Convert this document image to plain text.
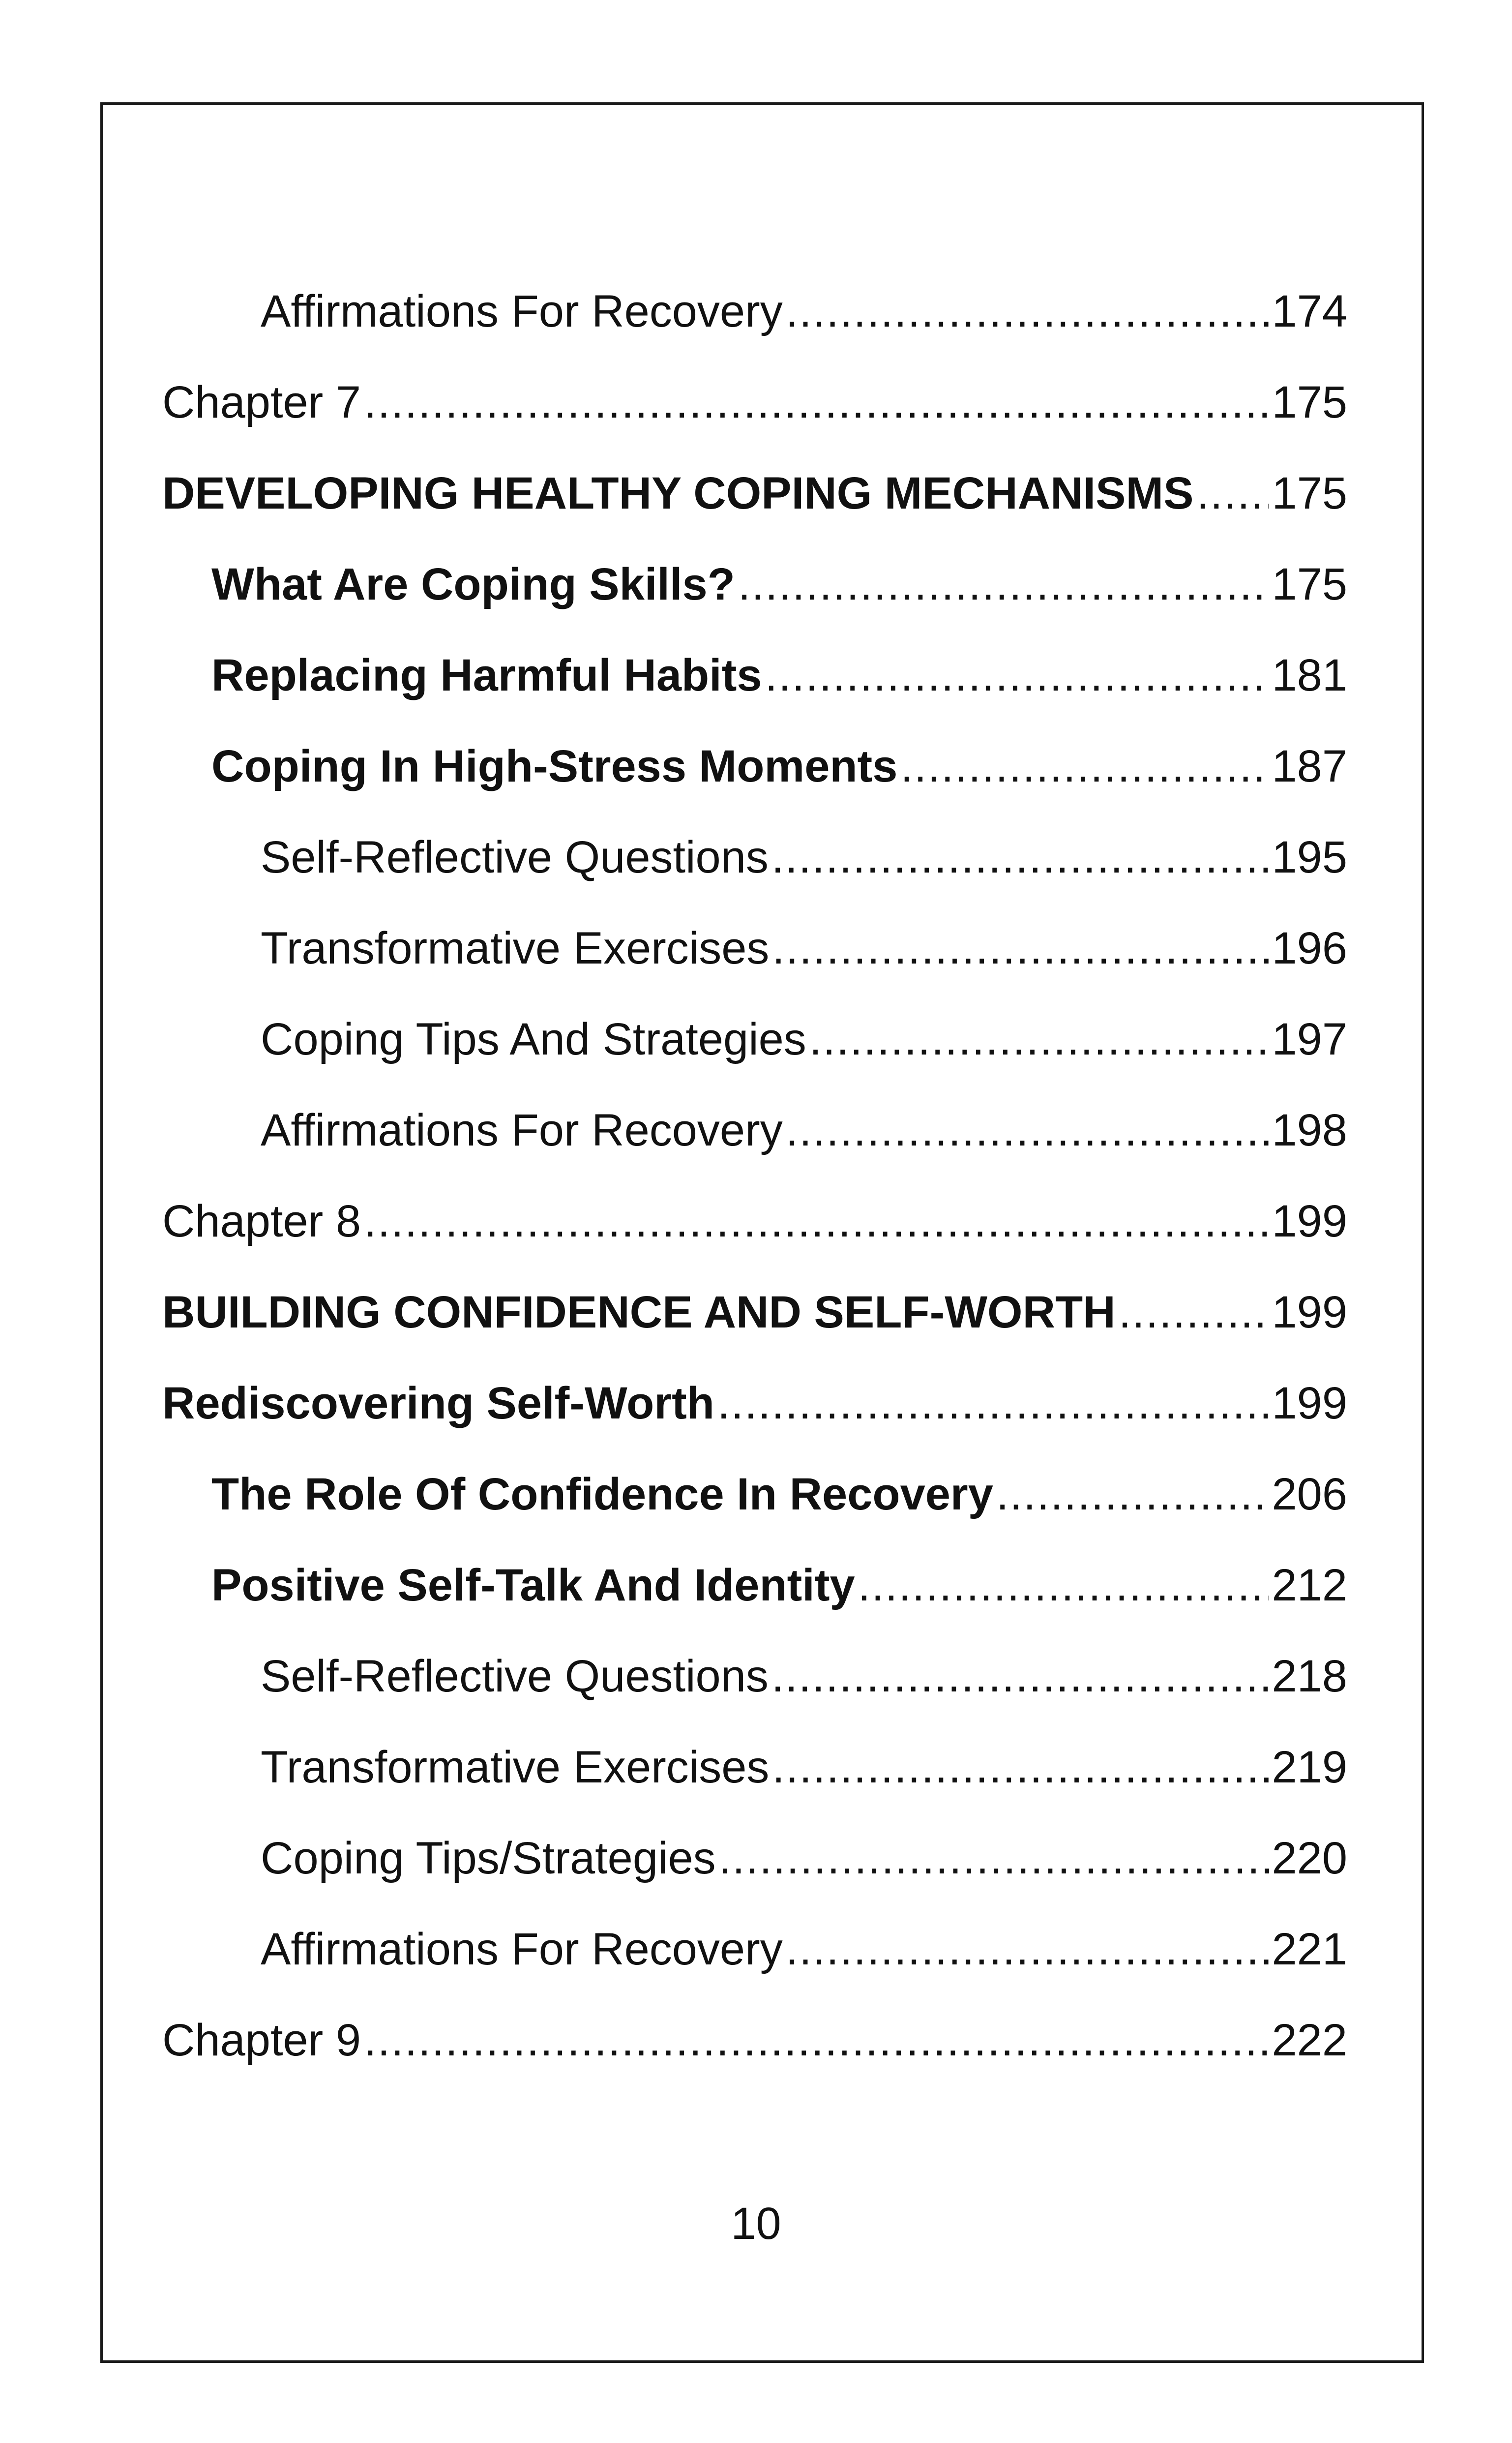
Affirmations For Recovery .....	174
Chapter 7 .....	175
DEVELOPING HEALTHY COPING MECHANISMS ..... 175
What Are Coping Skills? .....	175
Replacing Harmful Habits .....	181
Coping In High-Stress Moments .....	187
Self-Reflective Questions .....	195
Transformative Exercises .....	196
Coping Tips And Strategies .....	197
Affirmations For Recovery .....	198
Chapter 8 .....	199
BUILDING CONFIDENCE AND SELF-WORTH .....	199
Rediscovering Self-Worth .....	199
The Role Of Confidence In Recovery .....	206
Positive Self-Talk And Identity .....	212
Self-Reflective Questions .....	218
Transformative Exercises .....	219
Coping Tips/Strategies .....	220
Affirmations For Recovery .....	221
Chapter 9 .....	222
10
